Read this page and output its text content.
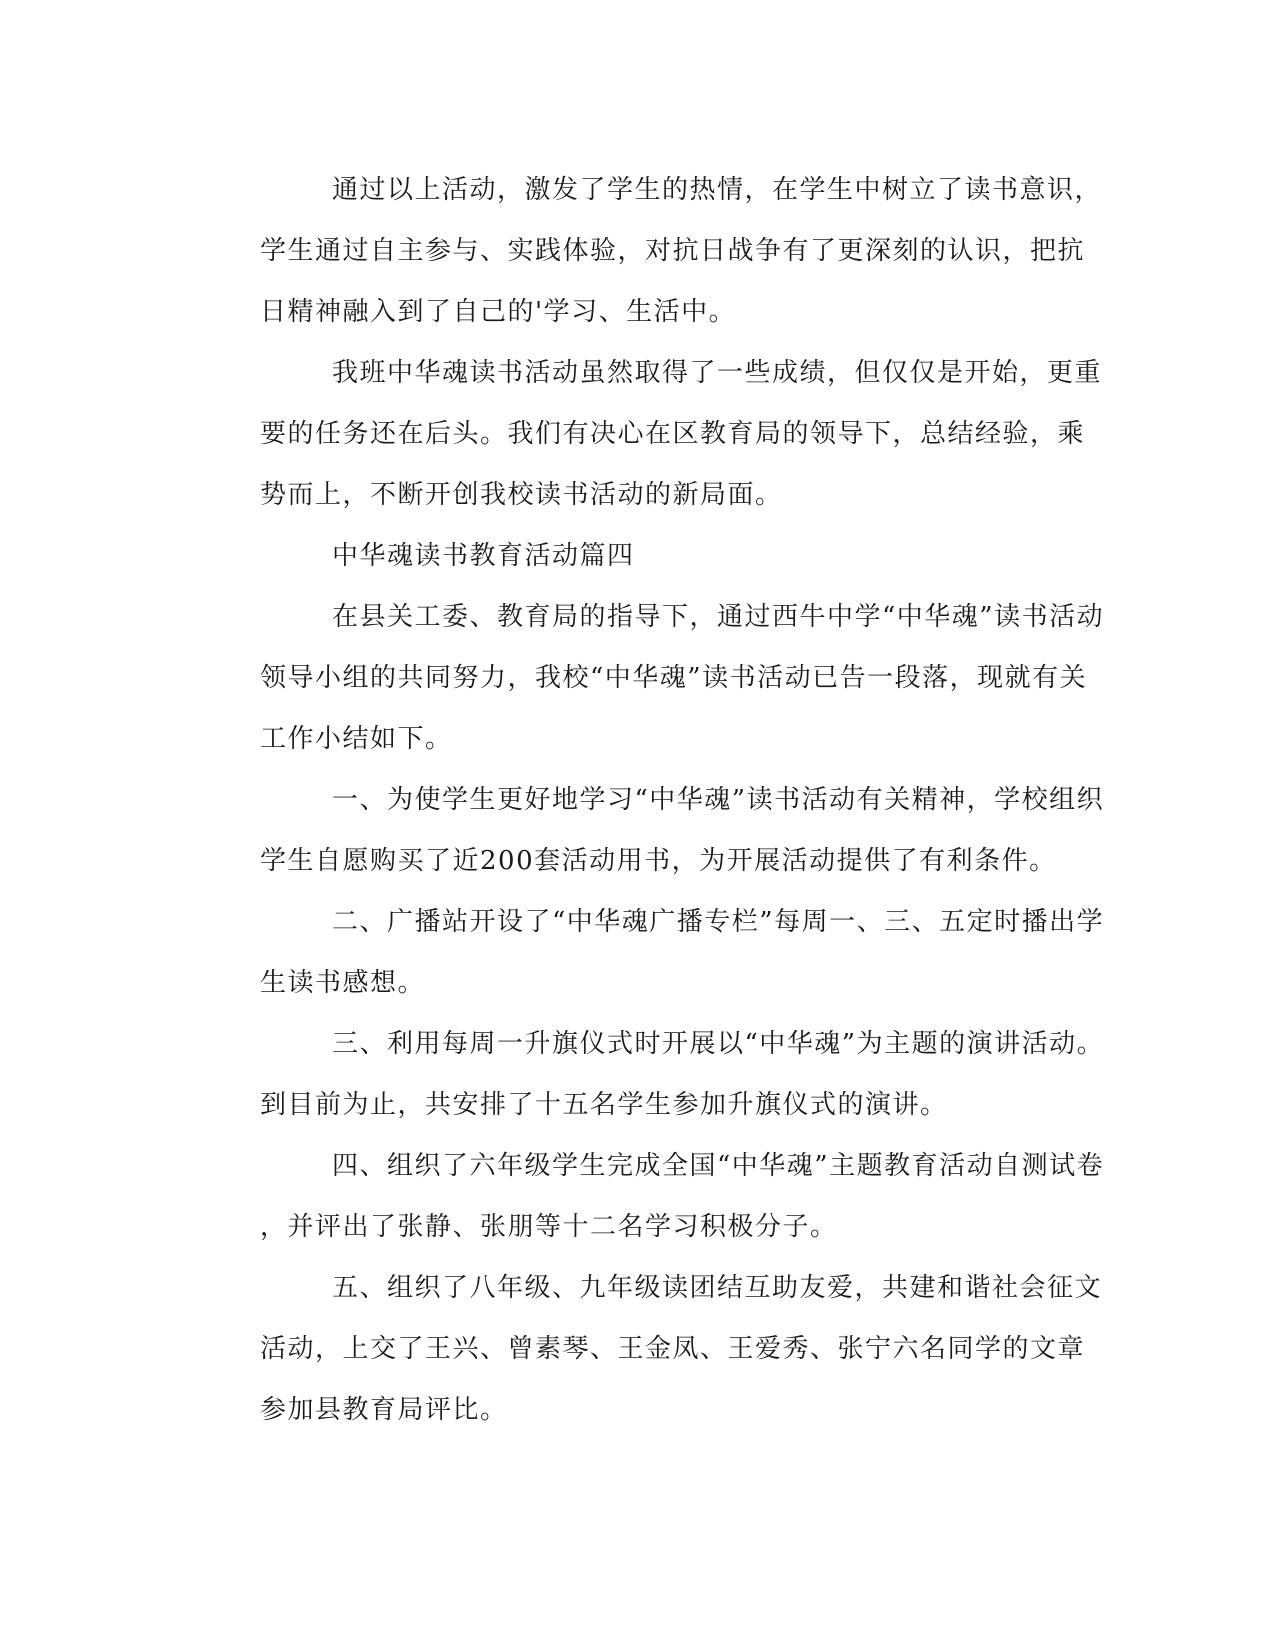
通过以上活动，激发了学生的热情，在学生中树立了读书意识，
学生通过自主参与、实践体验，对抗日战争有了更深刻的认识，把抗
日精神融入到了自己的'学习、生活中。
我班中华魂读书活动虽然取得了一些成绩，但仅仅是开始，更重
要的任务还在后头。我们有决心在区教育局的领导下，总结经验，乘
势而上，不断开创我校读书活动的新局面。
中华魂读书教育活动篇四
在县关工委、教育局的指导下，通过西牛中学“中华魂”读书活动
领导小组的共同努力，我校“中华魂”读书活动已告一段落，现就有关
工作小结如下。
一、为使学生更好地学习“中华魂”读书活动有关精神，学校组织
学生自愿购买了近200套活动用书，为开展活动提供了有利条件。
二、广播站开设了“中华魂广播专栏”每周一、三、五定时播出学
生读书感想。
三、利用每周一升旗仪式时开展以“中华魂”为主题的演讲活动。
到目前为止，共安排了十五名学生参加升旗仪式的演讲。
四、组织了六年级学生完成全国“中华魂”主题教育活动自测试卷
，并评出了张静、张朋等十二名学习积极分子。
五、组织了八年级、九年级读团结互助友爱，共建和谐社会征文
活动，上交了王兴、曾素琴、王金凤、王爱秀、张宁六名同学的文章
参加县教育局评比。
